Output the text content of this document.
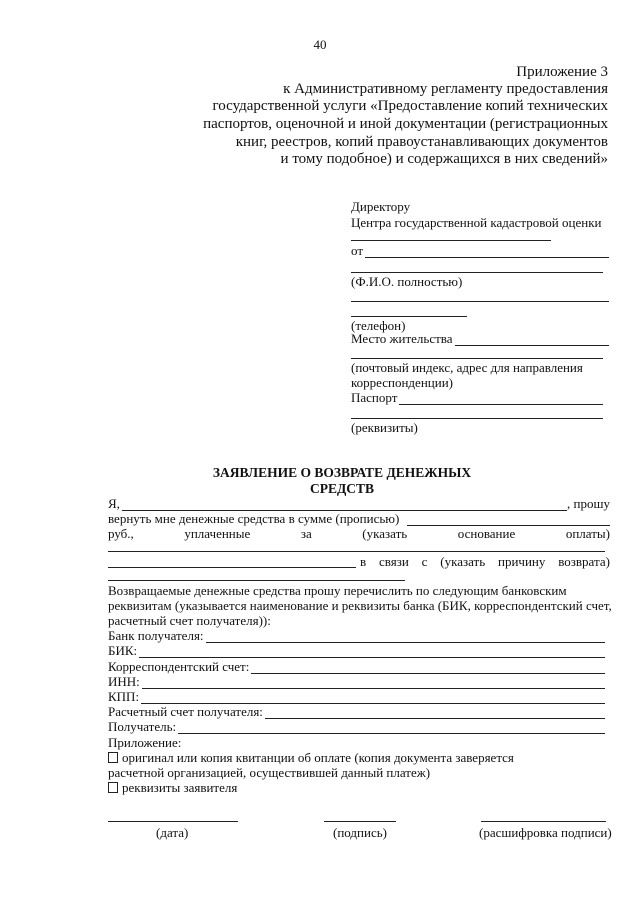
40
Приложение 3
к Административному регламенту предоставления
государственной услуги «Предоставление копий технических
паспортов, оценочной и иной документации (регистрационных
книг, реестров, копий правоустанавливающих документов
и тому подобное) и содержащихся в них сведений»
Директору
Центра государственной кадастровой оценки
от
(Ф.И.О. полностью)
(телефон)
Место жительства
(почтовый индекс, адрес для направления
корреспонденции)
Паспорт
(реквизиты)
ЗАЯВЛЕНИЕ О ВОЗВРАТЕ ДЕНЕЖНЫХ
СРЕДСТВ
Я,	, прошу
вернуть мне денежные средства в сумме (прописью)
руб.,	уплаченные	за	(указать	основание	оплаты)
в связи с (указать причину возврата)
Возвращаемые денежные средства прошу перечислить по следующим банковским
реквизитам (указывается наименование и реквизиты банка (БИК, корреспондентский счет,
расчетный счет получателя)):
Банк получателя:
БИК:
Корреспондентский счет:
ИНН:
КПП:
Расчетный счет получателя:
Получатель:
Приложение:
оригинал или копия квитанции об оплате (копия документа заверяется
расчетной организацией, осуществившей данный платеж)
реквизиты заявителя
(дата)	(подпись)	(расшифровка подписи)
